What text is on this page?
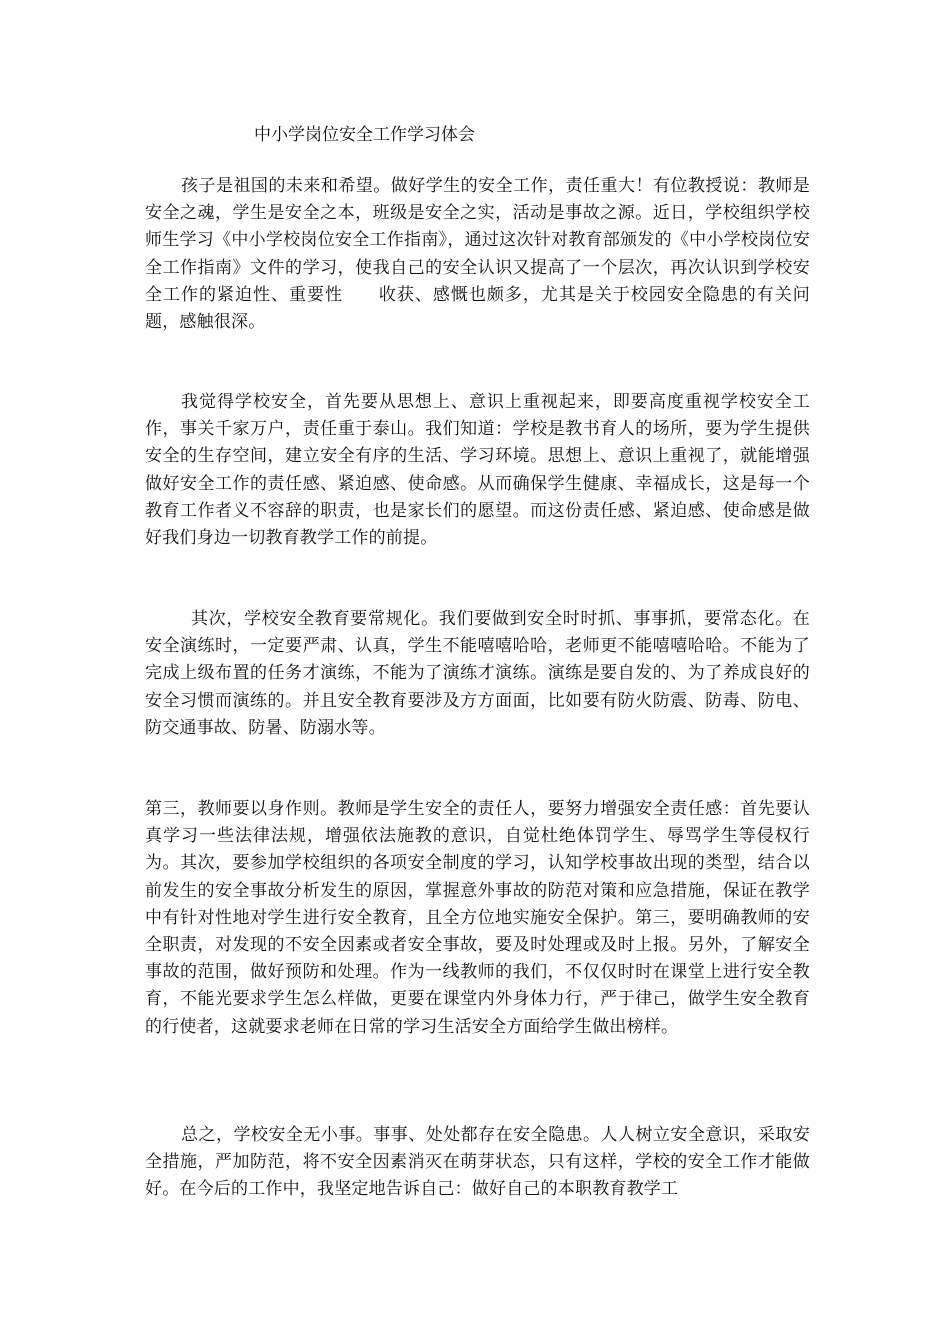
中小学岗位安全工作学习体会

孩子是祖国的未来和希望。做好学生的安全工作，责任重大！有位教授说：教师是安全之魂，学生是安全之本，班级是安全之实，活动是事故之源。近日，学校组织学校师生学习《中小学校岗位安全工作指南》，通过这次针对教育部颁发的《中小学校岗位安全工作指南》文件的学习，使我自己的安全认识又提高了一个层次，再次认识到学校安全工作的紧迫性、重要性　　收获、感慨也颇多，尤其是关于校园安全隐患的有关问题，感触很深。

我觉得学校安全，首先要从思想上、意识上重视起来，即要高度重视学校安全工作，事关千家万户，责任重于泰山。我们知道：学校是教书育人的场所，要为学生提供安全的生存空间，建立安全有序的生活、学习环境。思想上、意识上重视了，就能增强做好安全工作的责任感、紧迫感、使命感。从而确保学生健康、幸福成长，这是每一个教育工作者义不容辞的职责，也是家长们的愿望。而这份责任感、紧迫感、使命感是做好我们身边一切教育教学工作的前提。

其次，学校安全教育要常规化。我们要做到安全时时抓、事事抓，要常态化。在安全演练时，一定要严肃、认真，学生不能嘻嘻哈哈，老师更不能嘻嘻哈哈。不能为了完成上级布置的任务才演练，不能为了演练才演练。演练是要自发的、为了养成良好的安全习惯而演练的。并且安全教育要涉及方方面面，比如要有防火防震、防毒、防电、防交通事故、防暑、防溺水等。

第三，教师要以身作则。教师是学生安全的责任人，要努力增强安全责任感：首先要认真学习一些法律法规，增强依法施教的意识，自觉杜绝体罚学生、辱骂学生等侵权行为。其次，要参加学校组织的各项安全制度的学习，认知学校事故出现的类型，结合以前发生的安全事故分析发生的原因，掌握意外事故的防范对策和应急措施，保证在教学中有针对性地对学生进行安全教育，且全方位地实施安全保护。第三，要明确教师的安全职责，对发现的不安全因素或者安全事故，要及时处理或及时上报。另外，了解安全事故的范围，做好预防和处理。作为一线教师的我们，不仅仅时时在课堂上进行安全教育，不能光要求学生怎么样做，更要在课堂内外身体力行，严于律己，做学生安全教育的行使者，这就要求老师在日常的学习生活安全方面给学生做出榜样。

总之，学校安全无小事。事事、处处都存在安全隐患。人人树立安全意识，采取安全措施，严加防范，将不安全因素消灭在萌芽状态，只有这样，学校的安全工作才能做好。在今后的工作中，我坚定地告诉自己：做好自己的本职教育教学工
